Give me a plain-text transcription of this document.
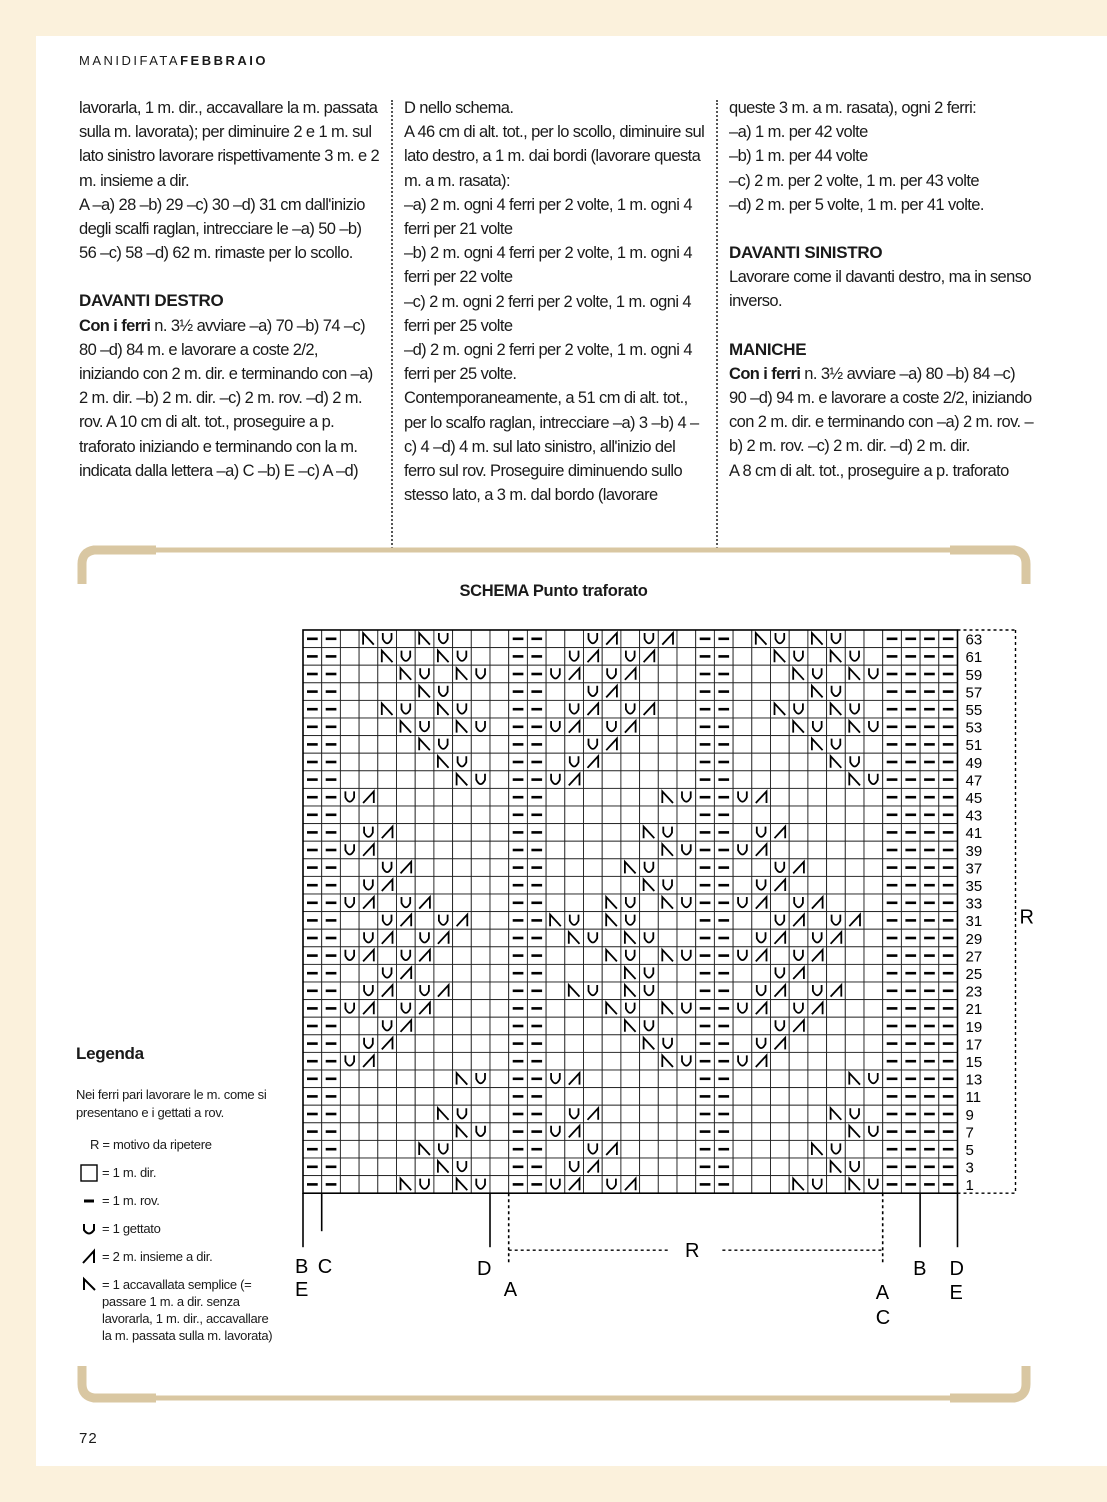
MANIDIFATAFEBBRAIO

lavorarla, 1 m. dir., accavallare la m. passata sulla m. lavorata); per diminuire 2 e 1 m. sul lato sinistro lavorare rispettivamente 3 m. e 2 m. insieme a dir.

A –a) 28 –b) 29 –c) 30 –d) 31 cm dall'inizio degli scalfi raglan, intrecciare le –a) 50 –b) 56 –c) 58 –d) 62 m. rimaste per lo scollo.

DAVANTI DESTRO

Con i ferri n. 3½ avviare –a) 70 –b) 74 –c) 80 –d) 84 m. e lavorare a coste 2/2, iniziando con 2 m. dir. e terminando con –a) 2 m. dir. –b) 2 m. dir. –c) 2 m. rov. –d) 2 m. rov. A 10 cm di alt. tot., proseguire a p. traforato iniziando e terminando con la m. indicata dalla lettera –a) C –b) E –c) A –d)

D nello schema.

A 46 cm di alt. tot., per lo scollo, diminuire sul lato destro, a 1 m. dai bordi (lavorare questa m. a m. rasata):

–a) 2 m. ogni 4 ferri per 2 volte, 1 m. ogni 4 ferri per 21 volte

–b) 2 m. ogni 4 ferri per 2 volte, 1 m. ogni 4 ferri per 22 volte

–c) 2 m. ogni 2 ferri per 2 volte, 1 m. ogni 4 ferri per 25 volte

–d) 2 m. ogni 2 ferri per 2 volte, 1 m. ogni 4 ferri per 25 volte.

Contemporaneamente, a 51 cm di alt. tot., per lo scalfo raglan, intrecciare –a) 3 –b) 4 –c) 4 –d) 4 m. sul lato sinistro, all'inizio del ferro sul rov. Proseguire diminuendo sullo stesso lato, a 3 m. dal bordo (lavorare

queste 3 m. a m. rasata), ogni 2 ferri:

–a) 1 m. per 42 volte

–b) 1 m. per 44 volte

–c) 2 m. per 2 volte, 1 m. per 43 volte

–d) 2 m. per 5 volte, 1 m. per 41 volte.

DAVANTI SINISTRO

Lavorare come il davanti destro, ma in senso inverso.

MANICHE

Con i ferri n. 3½ avviare –a) 80 –b) 84 –c) 90 –d) 94 m. e lavorare a coste 2/2, iniziando con 2 m. dir. e terminando con –a) 2 m. rov. –b) 2 m. rov. –c) 2 m. dir. –d) 2 m. dir.

A 8 cm di alt. tot., proseguire a p. traforato

SCHEMA Punto traforato
63
61
59
57
55
53
51
49
47
45
43
41
39
37
35
33
31
29
27
25
23
21
19
17
15
13
11
9
7
5
3
1
R
R
B C
E
D
A
B D
A
C
E
Legenda
Nei ferri pari lavorare le m. come si presentano e i gettati a rov.
R = motivo da ripetere
= 1 m. dir.
= 1 m. rov.
= 1 gettato
= 2 m. insieme a dir.
= 1 accavallata semplice (= passare 1 m. a dir. senza lavorarla, 1 m. dir., accavallare la m. passata sulla m. lavorata)
72
